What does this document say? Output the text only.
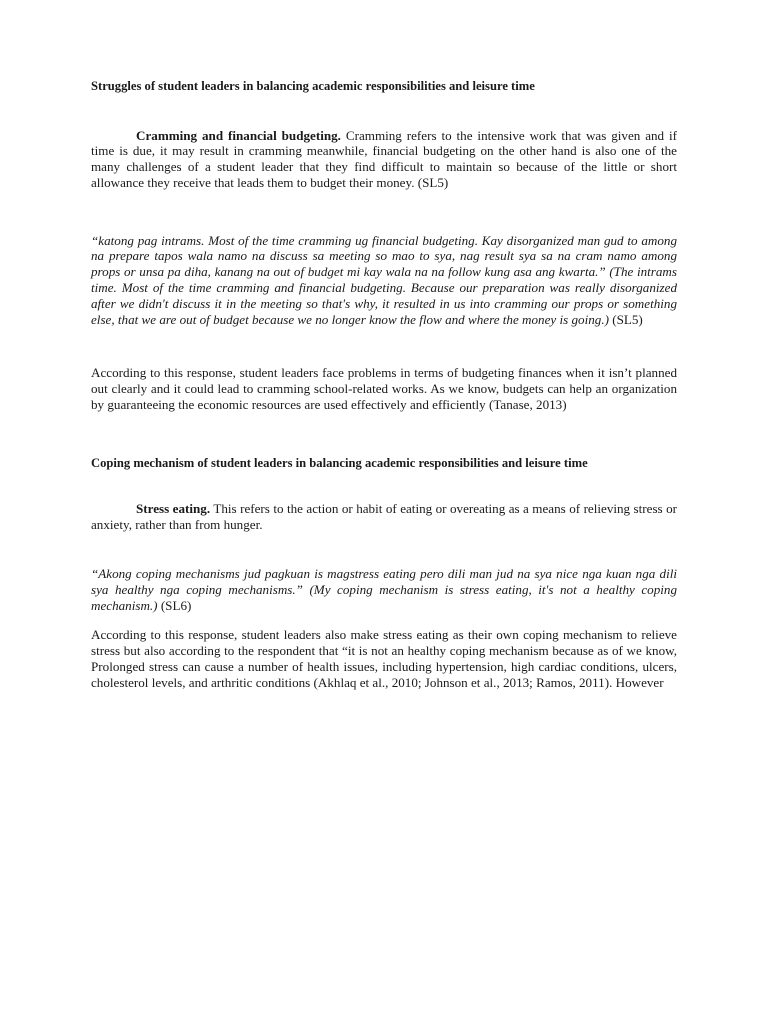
Struggles of student leaders in balancing academic responsibilities and leisure time

Cramming and financial budgeting. Cramming refers to the intensive work that was given and if time is due, it may result in cramming meanwhile, financial budgeting on the other hand is also one of the many challenges of a student leader that they find difficult to maintain so because of the little or short allowance they receive that leads them to budget their money. (SL5)

“katong pag intrams. Most of the time cramming ug financial budgeting. Kay disorganized man gud to among na prepare tapos wala namo na discuss sa meeting so mao to sya, nag result sya sa na cram namo among props or unsa pa diha, kanang na out of budget mi kay wala na na follow kung asa ang kwarta.” (The intrams time. Most of the time cramming and financial budgeting. Because our preparation was really disorganized after we didn't discuss it in the meeting so that's why, it resulted in us into cramming our props or something else, that we are out of budget because we no longer know the flow and where the money is going.) (SL5)

According to this response, student leaders face problems in terms of budgeting finances when it isn’t planned out clearly and it could lead to cramming school-related works. As we know, budgets can help an organization by guaranteeing the economic resources are used effectively and efficiently (Tanase, 2013)

Coping mechanism of student leaders in balancing academic responsibilities and leisure time

Stress eating. This refers to the action or habit of eating or overeating as a means of relieving stress or anxiety, rather than from hunger.

“Akong coping mechanisms jud pagkuan is magstress eating pero dili man jud na sya nice nga kuan nga dili sya healthy nga coping mechanisms.” (My coping mechanism is stress eating, it's not a healthy coping mechanism.) (SL6)

According to this response, student leaders also make stress eating as their own coping mechanism to relieve stress but also according to the respondent that “it is not an healthy coping mechanism because as of we know, Prolonged stress can cause a number of health issues, including hypertension, high cardiac conditions, ulcers, cholesterol levels, and arthritic conditions (Akhlaq et al., 2010; Johnson et al., 2013; Ramos, 2011). However
